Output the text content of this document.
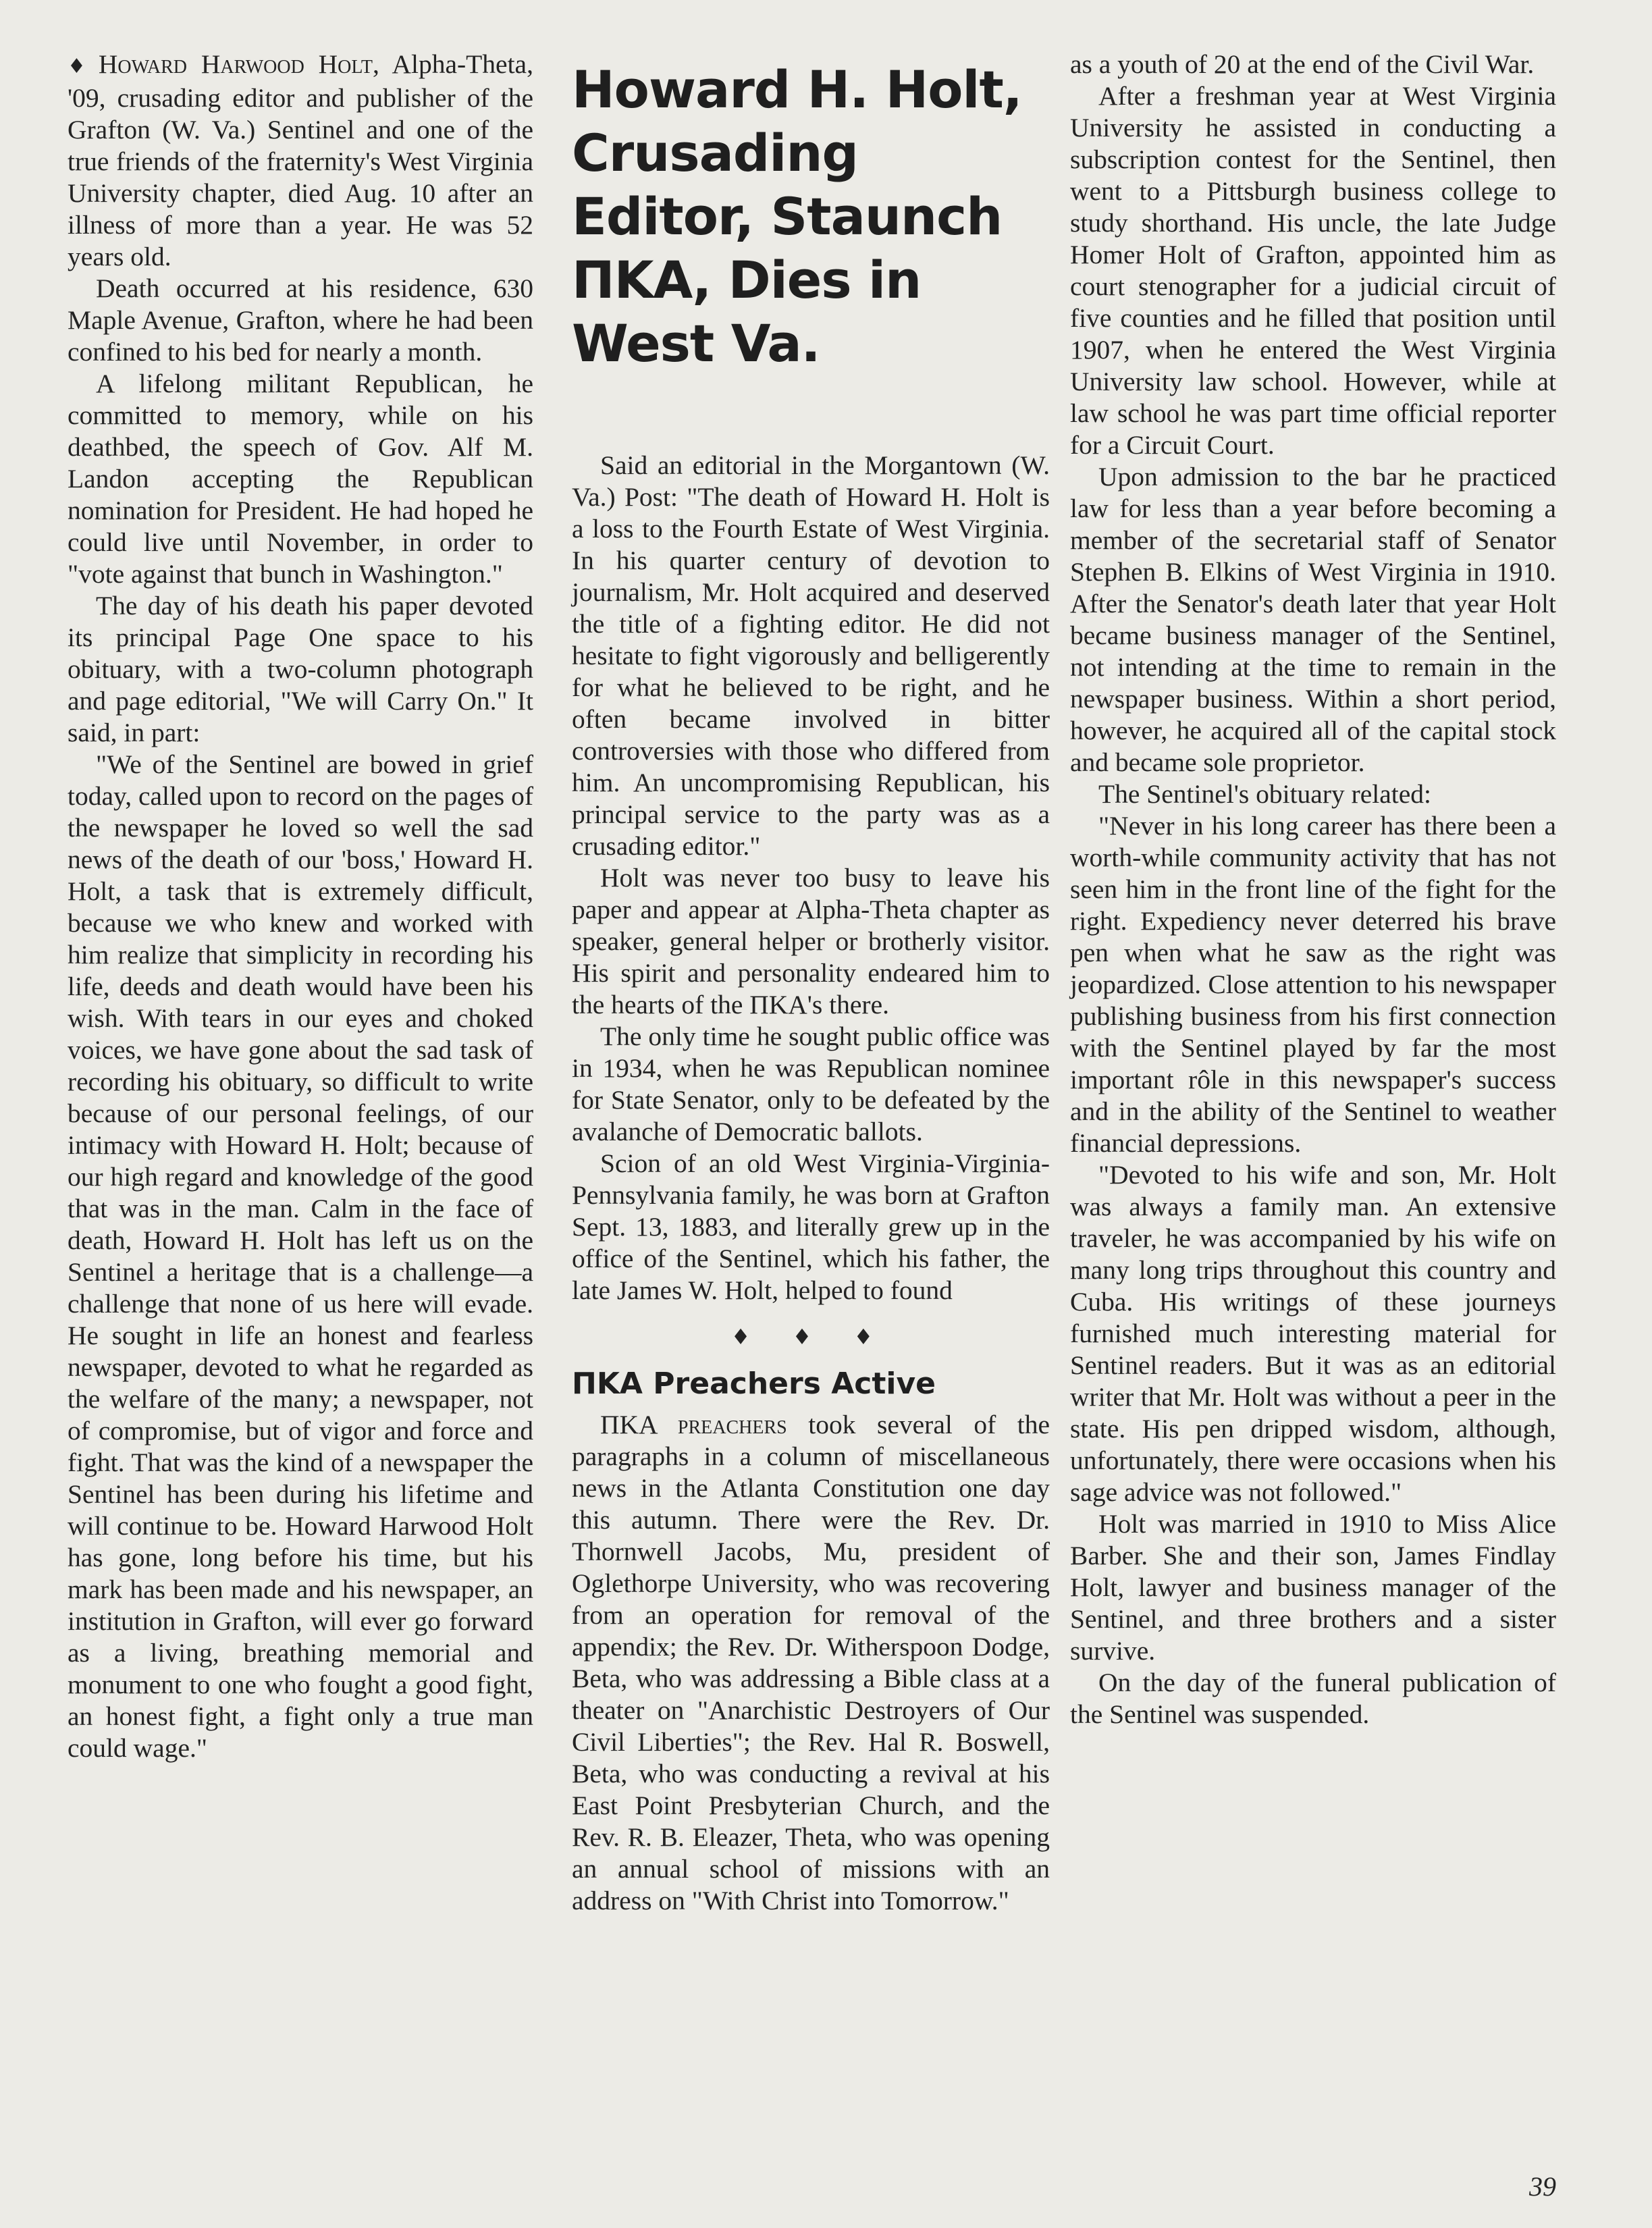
♦ Howard Harwood Holt, Alpha-Theta, '09, crusading editor and publisher of the Grafton (W. Va.) Sentinel and one of the true friends of the fraternity's West Virginia University chapter, died Aug. 10 after an illness of more than a year. He was 52 years old.

Death occurred at his residence, 630 Maple Avenue, Grafton, where he had been confined to his bed for nearly a month.

A lifelong militant Republican, he committed to memory, while on his deathbed, the speech of Gov. Alf M. Landon accepting the Republican nomination for President. He had hoped he could live until November, in order to "vote against that bunch in Washington."

The day of his death his paper devoted its principal Page One space to his obituary, with a two-column photograph and page editorial, "We will Carry On." It said, in part:

"We of the Sentinel are bowed in grief today, called upon to record on the pages of the newspaper he loved so well the sad news of the death of our 'boss,' Howard H. Holt, a task that is extremely difficult, because we who knew and worked with him realize that simplicity in recording his life, deeds and death would have been his wish. With tears in our eyes and choked voices, we have gone about the sad task of recording his obituary, so difficult to write because of our personal feelings, of our intimacy with Howard H. Holt; because of our high regard and knowledge of the good that was in the man. Calm in the face of death, Howard H. Holt has left us on the Sentinel a heritage that is a challenge—a challenge that none of us here will evade. He sought in life an honest and fearless newspaper, devoted to what he regarded as the welfare of the many; a newspaper, not of compromise, but of vigor and force and fight. That was the kind of a newspaper the Sentinel has been during his lifetime and will continue to be. Howard Harwood Holt has gone, long before his time, but his mark has been made and his newspaper, an institution in Grafton, will ever go forward as a living, breathing memorial and monument to one who fought a good fight, an honest fight, a fight only a true man could wage."

Howard H. Holt, Crusading Editor, Staunch ΠΚΑ, Dies in West Va.

Said an editorial in the Morgantown (W. Va.) Post: "The death of Howard H. Holt is a loss to the Fourth Estate of West Virginia. In his quarter century of devotion to journalism, Mr. Holt acquired and deserved the title of a fighting editor. He did not hesitate to fight vigorously and belligerently for what he believed to be right, and he often became involved in bitter controversies with those who differed from him. An uncompromising Republican, his principal service to the party was as a crusading editor."

Holt was never too busy to leave his paper and appear at Alpha-Theta chapter as speaker, general helper or brotherly visitor. His spirit and personality endeared him to the hearts of the ΠΚΑ's there.

The only time he sought public office was in 1934, when he was Republican nominee for State Senator, only to be defeated by the avalanche of Democratic ballots.

Scion of an old West Virginia-Virginia-Pennsylvania family, he was born at Grafton Sept. 13, 1883, and literally grew up in the office of the Sentinel, which his father, the late James W. Holt, helped to found

♦ ♦ ♦
ΠΚΑ Preachers Active

ΠΚΑ preachers took several of the paragraphs in a column of miscellaneous news in the Atlanta Constitution one day this autumn. There were the Rev. Dr. Thornwell Jacobs, Mu, president of Oglethorpe University, who was recovering from an operation for removal of the appendix; the Rev. Dr. Witherspoon Dodge, Beta, who was addressing a Bible class at a theater on "Anarchistic Destroyers of Our Civil Liberties"; the Rev. Hal R. Boswell, Beta, who was conducting a revival at his East Point Presbyterian Church, and the Rev. R. B. Eleazer, Theta, who was opening an annual school of missions with an address on "With Christ into Tomorrow."

as a youth of 20 at the end of the Civil War.

After a freshman year at West Virginia University he assisted in conducting a subscription contest for the Sentinel, then went to a Pittsburgh business college to study shorthand. His uncle, the late Judge Homer Holt of Grafton, appointed him as court stenographer for a judicial circuit of five counties and he filled that position until 1907, when he entered the West Virginia University law school. However, while at law school he was part time official reporter for a Circuit Court.

Upon admission to the bar he practiced law for less than a year before becoming a member of the secretarial staff of Senator Stephen B. Elkins of West Virginia in 1910. After the Senator's death later that year Holt became business manager of the Sentinel, not intending at the time to remain in the newspaper business. Within a short period, however, he acquired all of the capital stock and became sole proprietor.

The Sentinel's obituary related:

"Never in his long career has there been a worth-while community activity that has not seen him in the front line of the fight for the right. Expediency never deterred his brave pen when what he saw as the right was jeopardized. Close attention to his newspaper publishing business from his first connection with the Sentinel played by far the most important rôle in this newspaper's success and in the ability of the Sentinel to weather financial depressions.

"Devoted to his wife and son, Mr. Holt was always a family man. An extensive traveler, he was accompanied by his wife on many long trips throughout this country and Cuba. His writings of these journeys furnished much interesting material for Sentinel readers. But it was as an editorial writer that Mr. Holt was without a peer in the state. His pen dripped wisdom, although, unfortunately, there were occasions when his sage advice was not followed."

Holt was married in 1910 to Miss Alice Barber. She and their son, James Findlay Holt, lawyer and business manager of the Sentinel, and three brothers and a sister survive.

On the day of the funeral publication of the Sentinel was suspended.

39
